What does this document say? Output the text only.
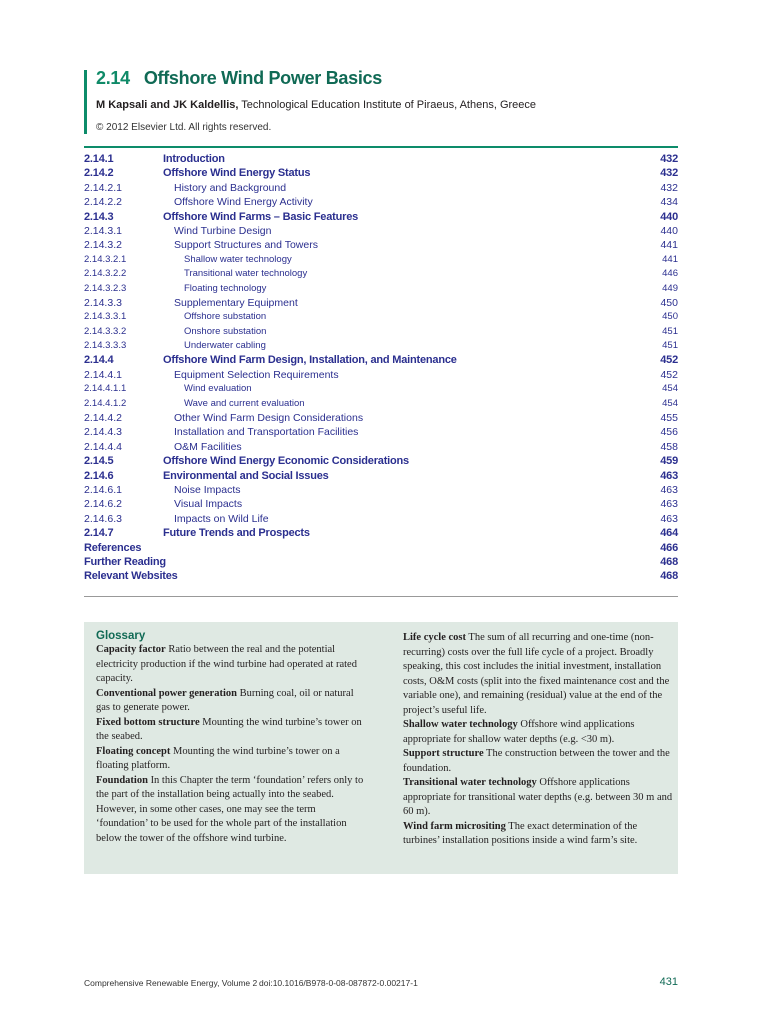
2.14 Offshore Wind Power Basics
M Kapsali and JK Kaldellis, Technological Education Institute of Piraeus, Athens, Greece
© 2012 Elsevier Ltd. All rights reserved.
2.14.1	Introduction	432
2.14.2	Offshore Wind Energy Status	432
2.14.2.1	History and Background	432
2.14.2.2	Offshore Wind Energy Activity	434
2.14.3	Offshore Wind Farms – Basic Features	440
2.14.3.1	Wind Turbine Design	440
2.14.3.2	Support Structures and Towers	441
2.14.3.2.1	Shallow water technology	441
2.14.3.2.2	Transitional water technology	446
2.14.3.2.3	Floating technology	449
2.14.3.3	Supplementary Equipment	450
2.14.3.3.1	Offshore substation	450
2.14.3.3.2	Onshore substation	451
2.14.3.3.3	Underwater cabling	451
2.14.4	Offshore Wind Farm Design, Installation, and Maintenance	452
2.14.4.1	Equipment Selection Requirements	452
2.14.4.1.1	Wind evaluation	454
2.14.4.1.2	Wave and current evaluation	454
2.14.4.2	Other Wind Farm Design Considerations	455
2.14.4.3	Installation and Transportation Facilities	456
2.14.4.4	O&M Facilities	458
2.14.5	Offshore Wind Energy Economic Considerations	459
2.14.6	Environmental and Social Issues	463
2.14.6.1	Noise Impacts	463
2.14.6.2	Visual Impacts	463
2.14.6.3	Impacts on Wild Life	463
2.14.7	Future Trends and Prospects	464
References	466
Further Reading	468
Relevant Websites	468
Glossary

Capacity factor Ratio between the real and the potential electricity production if the wind turbine had operated at rated capacity.

Conventional power generation Burning coal, oil or natural gas to generate power.

Fixed bottom structure Mounting the wind turbine’s tower on the seabed.

Floating concept Mounting the wind turbine’s tower on a floating platform.

Foundation In this Chapter the term ‘foundation’ refers only to the part of the installation being actually into the seabed. However, in some other cases, one may see the term ‘foundation’ to be used for the whole part of the installation below the tower of the offshore wind turbine.

Life cycle cost The sum of all recurring and one-time (non-recurring) costs over the full life cycle of a project. Broadly speaking, this cost includes the initial investment, installation costs, O&M costs (split into the fixed maintenance cost and the variable one), and remaining (residual) value at the end of the project’s useful life.

Shallow water technology Offshore wind applications appropriate for shallow water depths (e.g. <30 m).

Support structure The construction between the tower and the foundation.

Transitional water technology Offshore applications appropriate for transitional water depths (e.g. between 30 m and 60 m).

Wind farm micrositing The exact determination of the turbines’ installation positions inside a wind farm’s site.

Comprehensive Renewable Energy, Volume 2 doi:10.1016/B978-0-08-087872-0.00217-1	431
